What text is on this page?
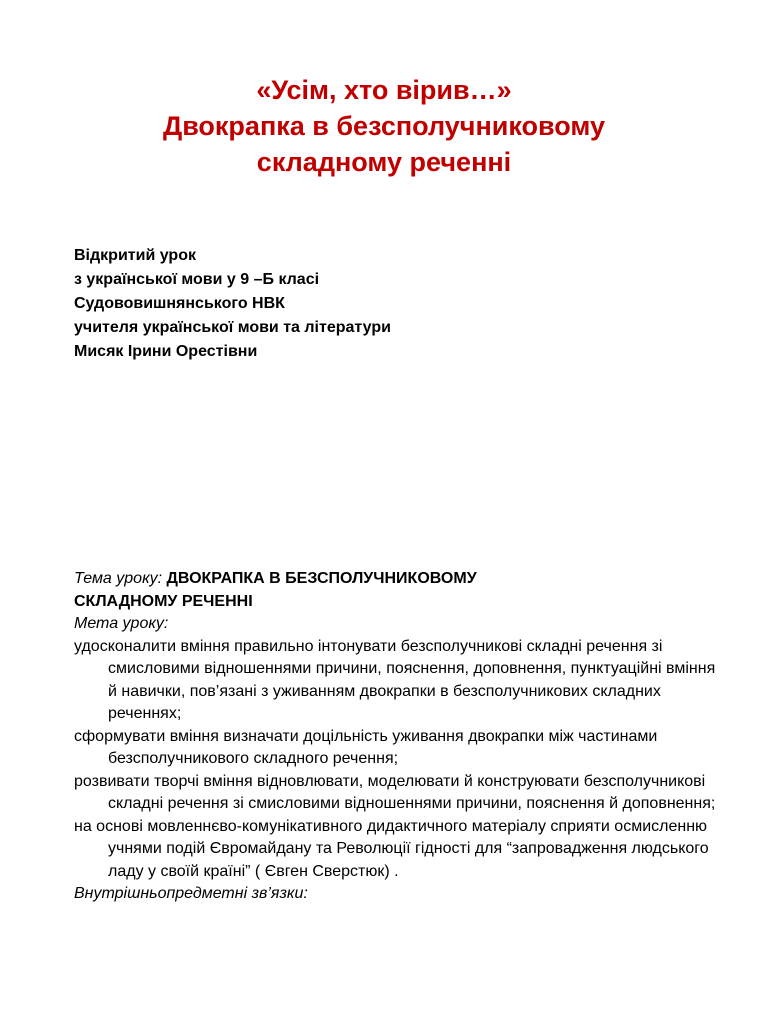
«Усім, хто вірив…»
Двокрапка в безсполучниковому
складному реченні
Відкритий урок
з української мови у 9 –Б класі
Судововишнянського НВК
учителя української мови та літератури
Мисяк Ірини Орестівни
Тема уроку: ДВОКРАПКА В БЕЗСПОЛУЧНИКОВОМУ
СКЛАДНОМУ РЕЧЕННІ
Мета уроку:
удосконалити вміння правильно інтонувати безсполучникові складні речення зі смисловими відношеннями причини, пояснення, доповнення, пунктуаційні вміння й навички, пов’язані з уживанням двокрапки в безсполучникових складних реченнях;
сформувати вміння визначати доцільність уживання двокрапки між частинами безсполучникового складного речення;
розвивати творчі вміння відновлювати, моделювати й конструювати безсполучникові складні речення зі смисловими відношеннями причини, пояснення й доповнення;
на основі мовленнєво-комунікативного дидактичного матеріалу сприяти осмисленню учнями подій Євромайдану та Революції гідності для “запровадження людського ладу у своїй країні” ( Євген Сверстюк) .
Внутрішньопредметні зв’язки:
